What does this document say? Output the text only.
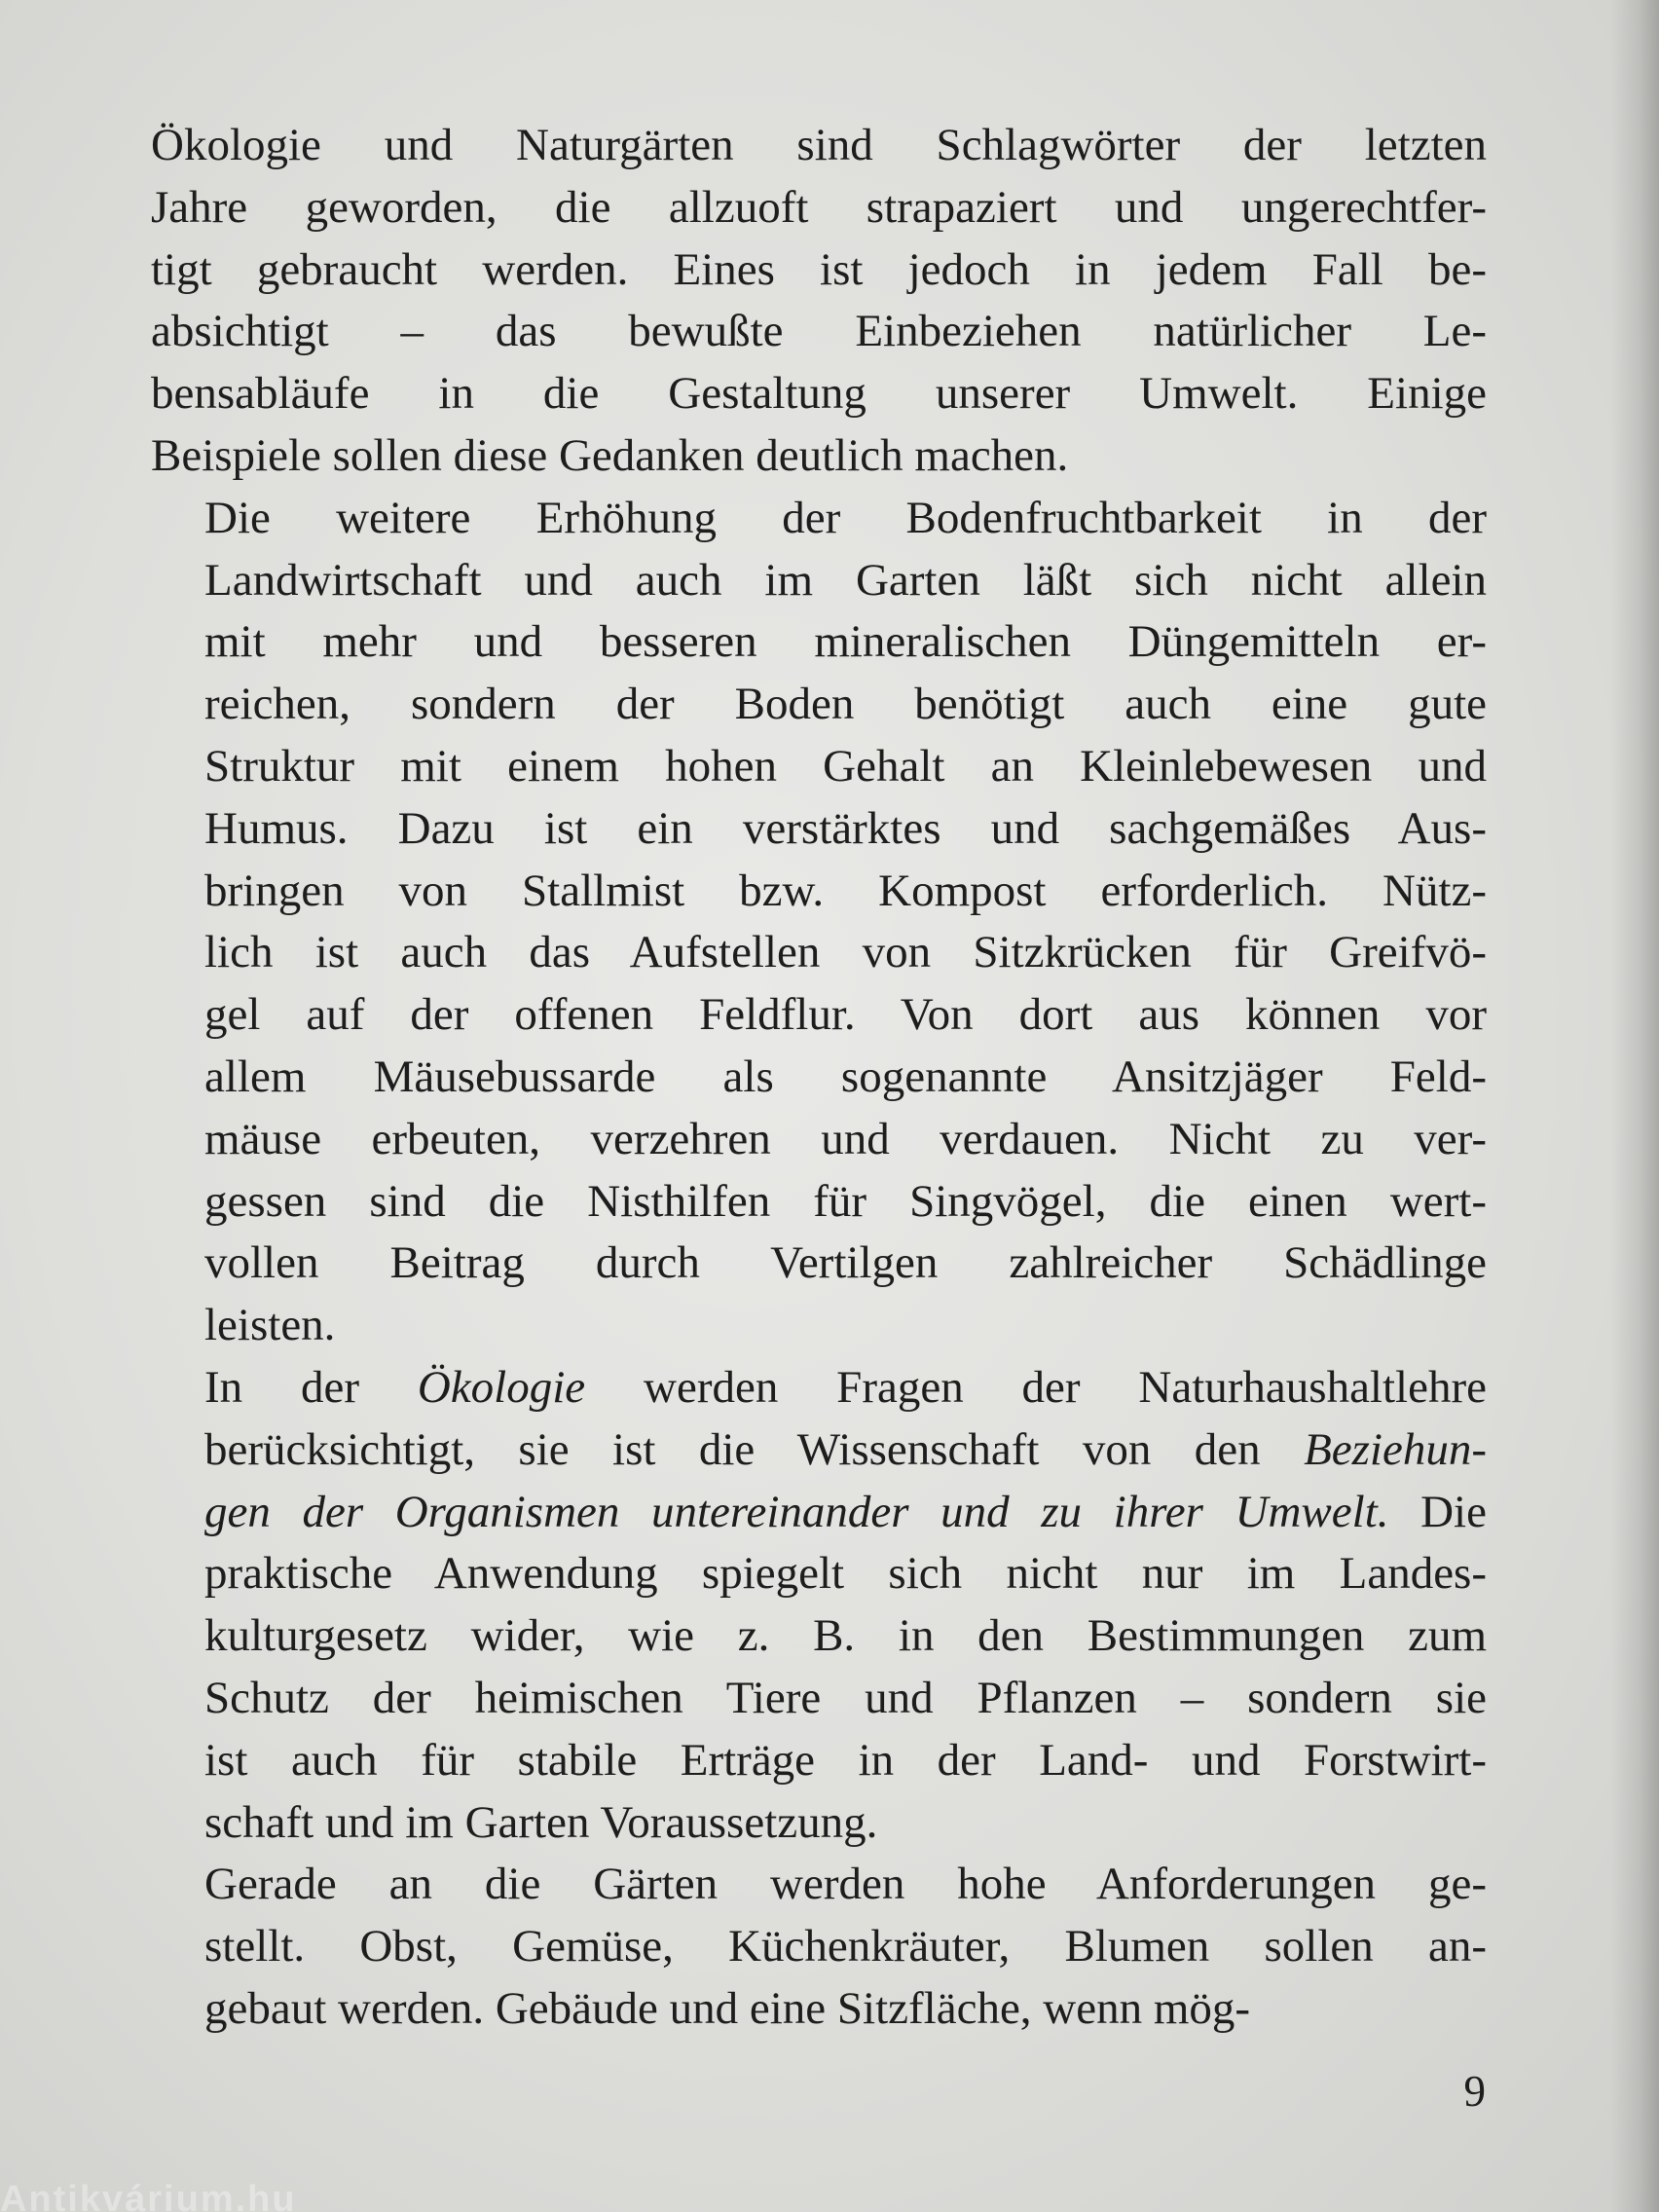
Ökologie und Naturgärten sind Schlagwörter der letzten
Jahre geworden, die allzuoft strapaziert und ungerechtfer-
tigt gebraucht werden. Eines ist jedoch in jedem Fall be-
absichtigt – das bewußte Einbeziehen natürlicher Le-
bensabläufe in die Gestaltung unserer Umwelt. Einige
Beispiele sollen diese Gedanken deutlich machen.

Die weitere Erhöhung der Bodenfruchtbarkeit in der
Landwirtschaft und auch im Garten läßt sich nicht allein
mit mehr und besseren mineralischen Düngemitteln er-
reichen, sondern der Boden benötigt auch eine gute
Struktur mit einem hohen Gehalt an Kleinlebewesen und
Humus. Dazu ist ein verstärktes und sachgemäßes Aus-
bringen von Stallmist bzw. Kompost erforderlich. Nütz-
lich ist auch das Aufstellen von Sitzkrücken für Greifvö-
gel auf der offenen Feldflur. Von dort aus können vor
allem Mäusebussarde als sogenannte Ansitzjäger Feld-
mäuse erbeuten, verzehren und verdauen. Nicht zu ver-
gessen sind die Nisthilfen für Singvögel, die einen wert-
vollen Beitrag durch Vertilgen zahlreicher Schädlinge
leisten.

In der Ökologie werden Fragen der Naturhaushaltlehre
berücksichtigt, sie ist die Wissenschaft von den Beziehun-
gen der Organismen untereinander und zu ihrer Umwelt. Die
praktische Anwendung spiegelt sich nicht nur im Landes-
kulturgesetz wider, wie z. B. in den Bestimmungen zum
Schutz der heimischen Tiere und Pflanzen – sondern sie
ist auch für stabile Erträge in der Land- und Forstwirt-
schaft und im Garten Voraussetzung.

Gerade an die Gärten werden hohe Anforderungen ge-
stellt. Obst, Gemüse, Küchenkräuter, Blumen sollen an-
gebaut werden. Gebäude und eine Sitzfläche, wenn mög-

9
Antikvárium.hu
